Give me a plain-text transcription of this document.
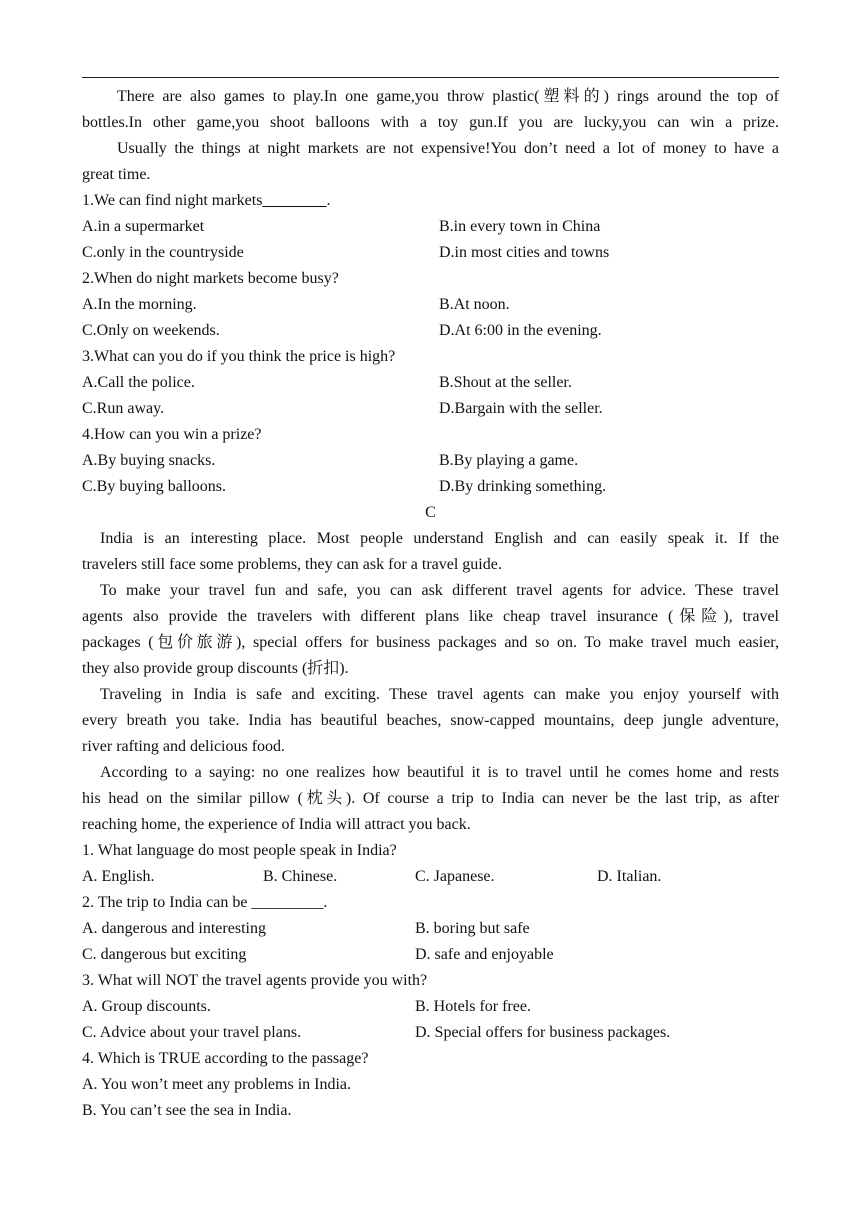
There are also games to play.In one game,you throw plastic(塑料的) rings around the top of
bottles.In other game,you shoot balloons with a toy gun.If you are lucky,you can win a prize.
Usually the things at night markets are not expensive!You don’t need a lot of money to have a
great time.
1.We can find night markets________.
A.in a supermarket	B.in every town in China
C.only in the countryside	D.in most cities and towns
2.When do night markets become busy?
A.In the morning.	B.At noon.
C.Only on weekends.	D.At 6:00 in the evening.
3.What can you do if you think the price is high?
A.Call the police.	B.Shout at the seller.
C.Run away.	D.Bargain with the seller.
4.How can you win a prize?
A.By buying snacks.	B.By playing a game.
C.By buying balloons.	D.By drinking something.
C
India is an interesting place. Most people understand English and can easily speak it. If the
travelers still face some problems, they can ask for a travel guide.
To make your travel fun and safe, you can ask different travel agents for advice. These travel
agents also provide the travelers with different plans like cheap travel insurance (保险), travel
packages (包价旅游), special offers for business packages and so on. To make travel much easier,
they also provide group discounts (折扣).
Traveling in India is safe and exciting. These travel agents can make you enjoy yourself with
every breath you take. India has beautiful beaches, snow-capped mountains, deep jungle adventure,
river rafting and delicious food.
According to a saying: no one realizes how beautiful it is to travel until he comes home and rests
his head on the similar pillow (枕头). Of course a trip to India can never be the last trip, as after
reaching home, the experience of India will attract you back.
1. What language do most people speak in India?
A. English.	B. Chinese.	C. Japanese.	D. Italian.
2. The trip to India can be _________.
A. dangerous and interesting	B. boring but safe
C. dangerous but exciting	D. safe and enjoyable
3. What will NOT the travel agents provide you with?
A. Group discounts.	B. Hotels for free.
C. Advice about your travel plans.	D. Special offers for business packages.
4. Which is TRUE according to the passage?
A. You won’t meet any problems in India.
B. You can’t see the sea in India.
